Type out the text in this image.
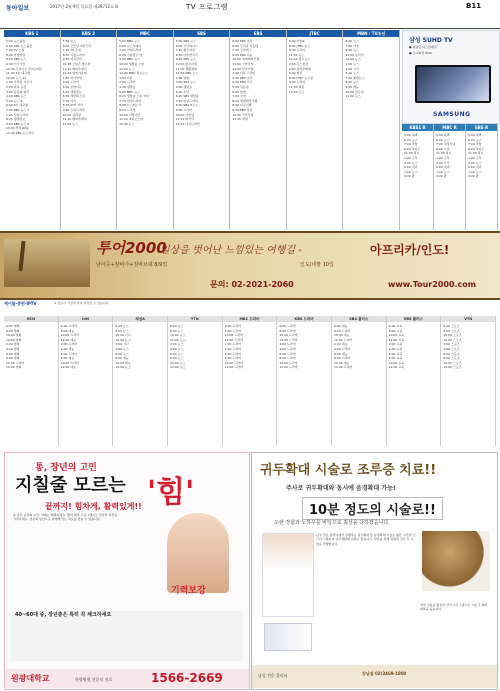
동아일보	2017년 2월 9일 목요일 제28712호 B	TV 프로그램	B11
KBS 1
5:00 뉴스광장
6:00 KBS 뉴스광장
7:00 TV 소설
8:00 아침마당
9:00 KBS 뉴스
9:40 인간극장
10:30 무엇이든 물어보세요
11:30 6시 내고향
12:00 뉴스 12
1:00 우리말 겨루기
2:00 다큐 공감
3:00 동물의 왕국
4:00 KBS 뉴스
5:00 뉴스 5
6:00 6시 내고향
7:00 KBS 뉴스 7
7:35 일일드라마
8:25 생생정보
9:00 KBS 뉴스 9
10:00 추적 60분
11:00 KBS 뉴스라인
KBS 2
5:30 뉴스
6:00 굿모닝 대한민국
7:10 TV 소설
8:30 아침드라마
9:30 여유만만
10:30 오늘은 좋은날
11:30 해피투게더
12:40 연예가중계
1:50 역사저널
3:00 드라마
4:00 무엇이든
5:00 생생정보
6:30 세상의 모든
7:00 가족
8:30 2TV 저녁
9:20 수목드라마
10:00 김과장
11:10 해피투게더
12:00 뉴스
MBC
5:00 MBC 뉴스
6:00 뉴스투데이
7:20 아침드라마
8:20 기분좋은 날
9:30 MBC 뉴스
10:00 생방송 오늘
11:00 뉴스
12:00 MBC 정오뉴스
1:00 다큐
2:00 드라마
4:30 생방송
5:00 MBC 뉴스
6:20 생방송 오늘 저녁
7:15 일일드라마
8:00 뉴스데스크
8:55 드라마
10:00 미씽나인
11:10 라디오스타
12:30 뉴스
SBS
5:00 SBS 뉴스
6:00 모닝와이드
7:10 좋은아침
8:30 아침연속극
9:40 SBS 뉴스
10:00 좋은아침
11:00 생활경제
12:00 SBS 뉴스
1:00 영화
3:00 SBS 뉴스
4:00 생방송
5:00 모닝
6:20 SBS 생방송
7:20 일일드라마
8:00 SBS 8뉴스
9:00 드라마
10:00 사임당
11:10 자기야
12:30 나이트라인
EBS
5:00 EBS 초목
6:00 모여라 딩동댕
7:30 꼬마버스
9:00 EBS 수능
10:00 세계테마기행
11:00 극한직업
12:00 한국기행
1:00 다큐 프라임
2:30 EBS 초목
4:00 EBS 키즈
5:00 딩동댕
6:00 뽀뽀
7:00 꼬마
8:00 세계테마기행
8:50 한국기행
9:30 EBS 다큐
10:45 극한직업
11:35 세계
JTBC
6:00 아침&
8:00 JTBC 뉴스
9:30 드라마
11:00 뉴스
12:00 정오뉴스
2:00 뉴스현장
4:00 정치부회의
6:00 썰전
8:00 JTBC 뉴스룸
9:40 드라마
11:00 썰전
12:20 뉴스
MBN / TV조선
6:00 뉴스
7:00 아침
9:00 뉴스
10:00 동치미
12:00 뉴스
1:00 뉴스
3:00 시사
5:00 뉴스
7:00 종합뉴스
8:00 뉴스
9:00 예능
10:00 알토란
11:30 뉴스
삼성 SUHD TV
● 퀀텀닷 디스플레이
● 초고화질 HDR
SAMSUNG
KBS1 R
5:00 새벽
6:00 뉴스
7:00 아침
9:00 라디오
11:00 정오
1:00 오후
3:00 뉴스
5:00 저녁
7:00 뉴스
9:00 밤
MBC R
5:00 새벽
6:00 뉴스
7:00 여성시대
9:00 오전
11:00 정오
1:00 오후
3:00 두시
5:00 저녁
7:00 뉴스
9:00 밤
SBS R
5:00 새벽
6:00 뉴스
7:00 아침
9:00 라디오
11:00 정오
1:00 오후
3:00 뉴스
5:00 저녁
7:00 뉴스
9:00 밤
투어2000
일상을 벗어난 느낌있는 여행길 -	아프리카/인도!
남아공+잠비아+짐바브웨 8/9일	인도/네팔 10일
문의: 02-2021-2060	www.Tour2000.com
케이블·종편·IPTV	※ 방송사 사정에 따라 변경될 수 있습니다
OCN
6:00 영화
8:00 영화
10:00 영화
12:00 영화
2:00 영화
4:00 영화
6:00 영화
8:00 영화
10:00 드라마
12:00 영화
tvN
6:00 드라마
8:00 예능
10:00 드라마
12:00 예능
2:00 드라마
4:00 예능
6:00 드라마
8:00 예능
10:00 드라마
12:00 예능
채널A
6:00 뉴스
8:00 뉴스
10:00 시사
12:00 뉴스
2:00 시사
4:00 뉴스
6:00 뉴스
8:00 예능
10:00 예능
12:00 뉴스
YTN
6:00 뉴스
8:00 뉴스
10:00 뉴스
12:00 뉴스
2:00 뉴스
4:00 뉴스
6:00 뉴스
8:00 뉴스
10:00 뉴스
12:00 뉴스
MBC 드라마
6:00 드라마
8:00 드라마
10:00 드라마
12:00 드라마
2:00 드라마
4:00 드라마
6:00 드라마
8:00 드라마
10:00 드라마
12:00 드라마
KBS 드라마
6:00 드라마
8:00 드라마
10:00 드라마
12:00 드라마
2:00 드라마
4:00 드라마
6:00 드라마
8:00 드라마
10:00 드라마
12:00 드라마
SBS 플러스
6:00 예능
8:00 드라마
10:00 예능
12:00 드라마
2:00 예능
4:00 드라마
6:00 예능
8:00 드라마
10:00 예능
12:00 드라마
EBS 플러스
6:00 교육
8:00 교육
10:00 교육
12:00 교육
2:00 교육
4:00 교육
6:00 교육
8:00 교육
10:00 교육
12:00 교육
VTN
6:00 스포츠
8:00 스포츠
10:00 스포츠
12:00 스포츠
2:00 스포츠
4:00 스포츠
6:00 스포츠
8:00 스포츠
10:00 스포츠
12:00 스포츠
통, 장년의 고민
지칠줄 모르는 '힘'
끝까지! 힘차게, 활력있게!!
중·장년 남성의 고민, 이제는 해결하세요. 활력 회복 프로그램으로 당당한 하루를 시작하세요. 전문의 상담으로 나에게 맞는 치료를 받을 수 있습니다.
기력보강
40~60대 중, 장년층은 특히 꼭 체크하세요
원광대학교	한방병원 전문의 진료	1566-2669
귀두확대 시술로 조루증 치료!!
주사로 귀두확대와 동시에 음경확대 가능!
10분 정도의 시술로!!
오랜 경험과 노하우를 바탕으로 최선을 다하겠습니다.
남성 전문 클리닉에서 진행하는 귀두확대 및 음경확대 시술은 짧은 시간에 간단히 시행되며 일상생활에 지장이 없습니다. 상담을 통해 정확한 진단 후 시술을 진행합니다.
자연 성분을 활용한 관리 프로그램으로 시술 후 빠른 회복을 돕습니다.
남성 전문 클리닉	강남점 02)3469-1800
